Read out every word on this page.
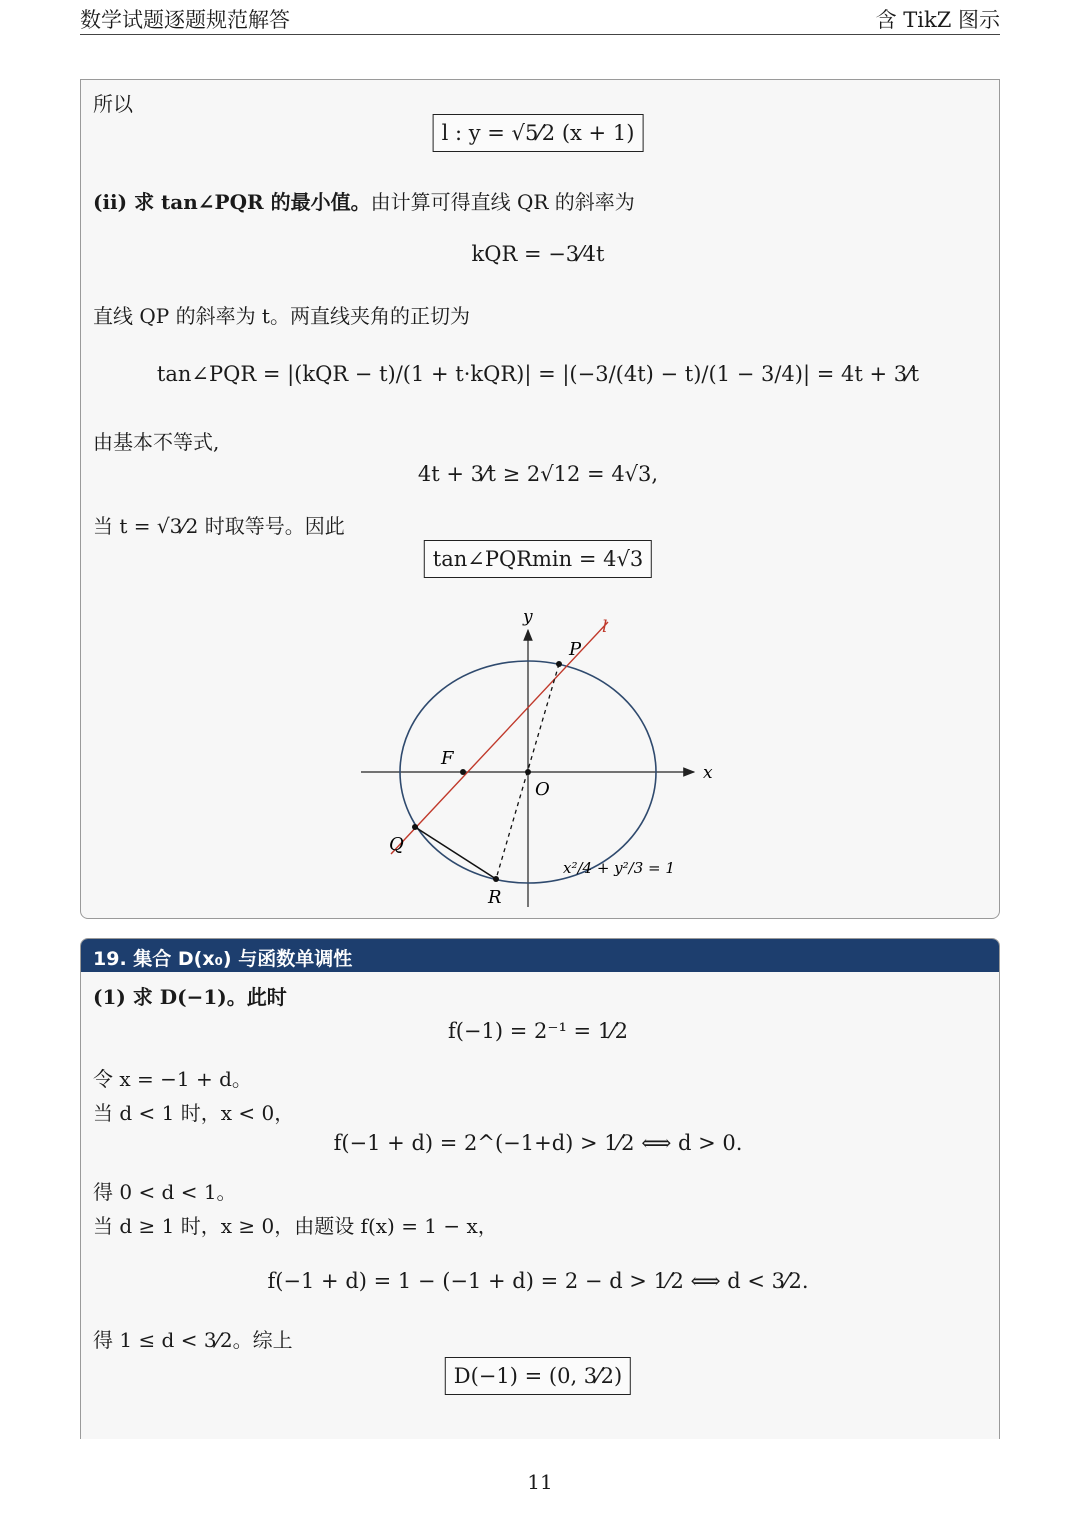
数学试题逐题规范解答	含 TikZ 图示
所以
l : y = √5⁄2 (x + 1)
(ii) 求 tan∠PQR 的最小值。由计算可得直线 QR 的斜率为
kQR = −3⁄4t
直线 QP 的斜率为 t。两直线夹角的正切为
tan∠PQR = |(kQR − t)/(1 + t·kQR)| = |(−3/(4t) − t)/(1 − 3/4)| = 4t + 3⁄t
由基本不等式,
4t + 3⁄t ≥ 2√12 = 4√3,
当 t = √3⁄2 时取等号。因此
tan∠PQRmin = 4√3
x
y	l
P
F
O
Q
R
x²/4 + y²/3 = 1
19. 集合 D(x₀) 与函数单调性
(1) 求 D(−1)。此时
f(−1) = 2⁻¹ = 1⁄2
令 x = −1 + d。
当 d < 1 时，x < 0，
f(−1 + d) = 2^(−1+d) > 1⁄2 ⟺ d > 0.
得 0 < d < 1。
当 d ≥ 1 时，x ≥ 0，由题设 f(x) = 1 − x，
f(−1 + d) = 1 − (−1 + d) = 2 − d > 1⁄2 ⟺ d < 3⁄2.
得 1 ≤ d < 3⁄2。综上
D(−1) = (0, 3⁄2)
11
